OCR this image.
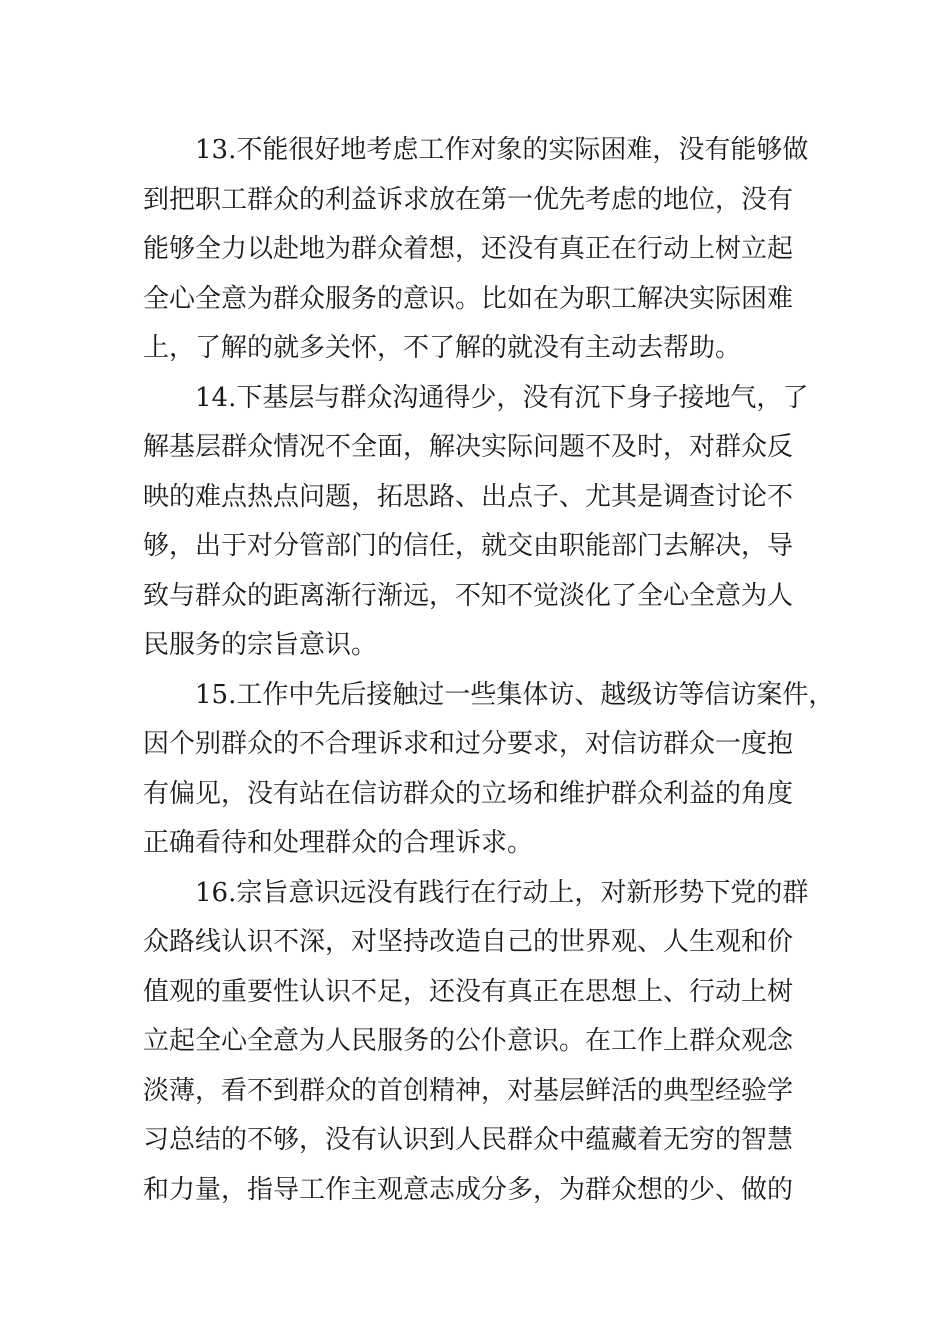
13.不能很好地考虑工作对象的实际困难，没有能够做
到把职工群众的利益诉求放在第一优先考虑的地位，没有
能够全力以赴地为群众着想，还没有真正在行动上树立起
全心全意为群众服务的意识。比如在为职工解决实际困难
上，了解的就多关怀，不了解的就没有主动去帮助。

14.下基层与群众沟通得少，没有沉下身子接地气，了
解基层群众情况不全面，解决实际问题不及时，对群众反
映的难点热点问题，拓思路、出点子、尤其是调查讨论不
够，出于对分管部门的信任，就交由职能部门去解决，导
致与群众的距离渐行渐远，不知不觉淡化了全心全意为人
民服务的宗旨意识。

15.工作中先后接触过一些集体访、越级访等信访案件，
因个别群众的不合理诉求和过分要求，对信访群众一度抱
有偏见，没有站在信访群众的立场和维护群众利益的角度
正确看待和处理群众的合理诉求。

16.宗旨意识远没有践行在行动上，对新形势下党的群
众路线认识不深，对坚持改造自己的世界观、人生观和价
值观的重要性认识不足，还没有真正在思想上、行动上树
立起全心全意为人民服务的公仆意识。在工作上群众观念
淡薄，看不到群众的首创精神，对基层鲜活的典型经验学
习总结的不够，没有认识到人民群众中蕴藏着无穷的智慧
和力量，指导工作主观意志成分多，为群众想的少、做的
